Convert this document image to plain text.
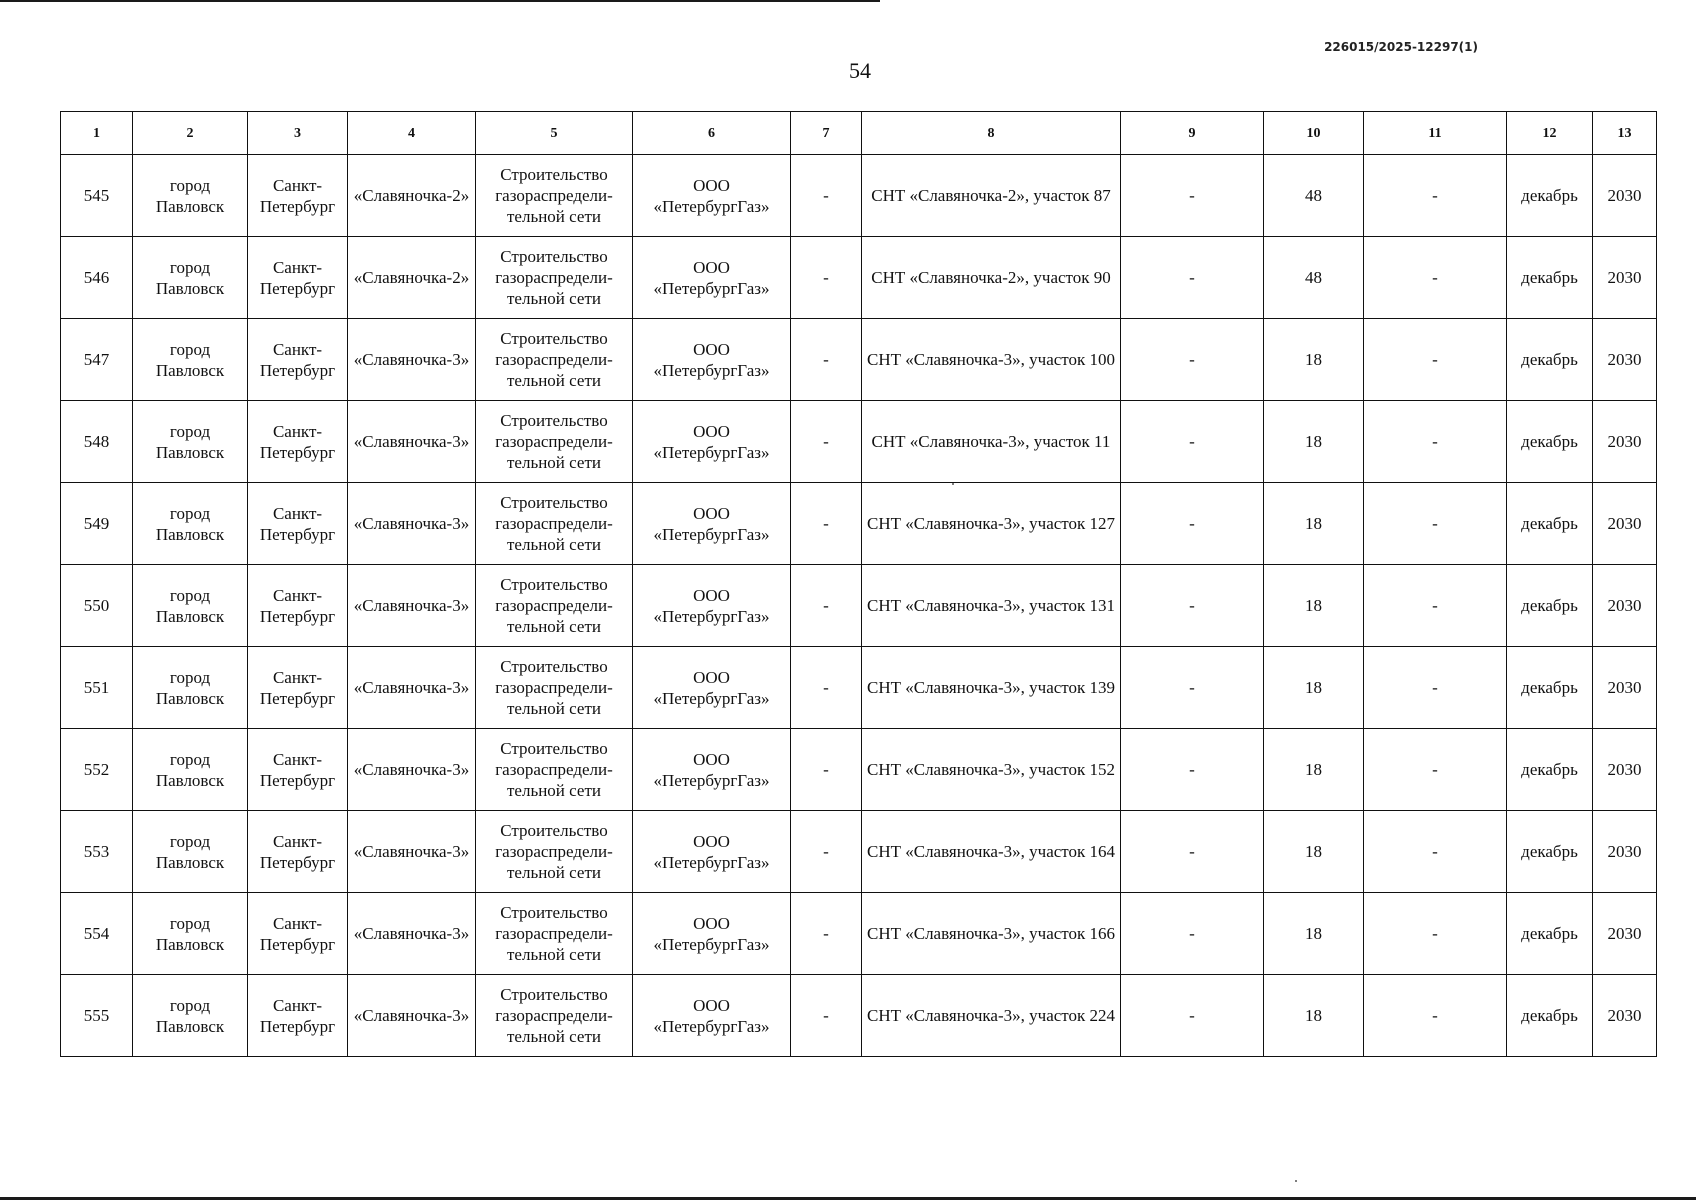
226015/2025-12297(1)
54
1	2	3	4	5	6	7	8	9	10	11	12	13
545	город Павловск	Санкт-Петербург	«Славяночка-2»	Строительство газораспредели-тельной сети	ООО «ПетербургГаз»	-	СНТ «Славяночка-2», участок 87	-	48	-	декабрь	2030
546	город Павловск	Санкт-Петербург	«Славяночка-2»	Строительство газораспредели-тельной сети	ООО «ПетербургГаз»	-	СНТ «Славяночка-2», участок 90	-	48	-	декабрь	2030
547	город Павловск	Санкт-Петербург	«Славяночка-3»	Строительство газораспредели-тельной сети	ООО «ПетербургГаз»	-	СНТ «Славяночка-3», участок 100	-	18	-	декабрь	2030
548	город Павловск	Санкт-Петербург	«Славяночка-3»	Строительство газораспредели-тельной сети	ООО «ПетербургГаз»	-	СНТ «Славяночка-3», участок 11	-	18	-	декабрь	2030
549	город Павловск	Санкт-Петербург	«Славяночка-3»	Строительство газораспредели-тельной сети	ООО «ПетербургГаз»	-	СНТ «Славяночка-3», участок 127	-	18	-	декабрь	2030
550	город Павловск	Санкт-Петербург	«Славяночка-3»	Строительство газораспредели-тельной сети	ООО «ПетербургГаз»	-	СНТ «Славяночка-3», участок 131	-	18	-	декабрь	2030
551	город Павловск	Санкт-Петербург	«Славяночка-3»	Строительство газораспредели-тельной сети	ООО «ПетербургГаз»	-	СНТ «Славяночка-3», участок 139	-	18	-	декабрь	2030
552	город Павловск	Санкт-Петербург	«Славяночка-3»	Строительство газораспредели-тельной сети	ООО «ПетербургГаз»	-	СНТ «Славяночка-3», участок 152	-	18	-	декабрь	2030
553	город Павловск	Санкт-Петербург	«Славяночка-3»	Строительство газораспредели-тельной сети	ООО «ПетербургГаз»	-	СНТ «Славяночка-3», участок 164	-	18	-	декабрь	2030
554	город Павловск	Санкт-Петербург	«Славяночка-3»	Строительство газораспредели-тельной сети	ООО «ПетербургГаз»	-	СНТ «Славяночка-3», участок 166	-	18	-	декабрь	2030
555	город Павловск	Санкт-Петербург	«Славяночка-3»	Строительство газораспредели-тельной сети	ООО «ПетербургГаз»	-	СНТ «Славяночка-3», участок 224	-	18	-	декабрь	2030
